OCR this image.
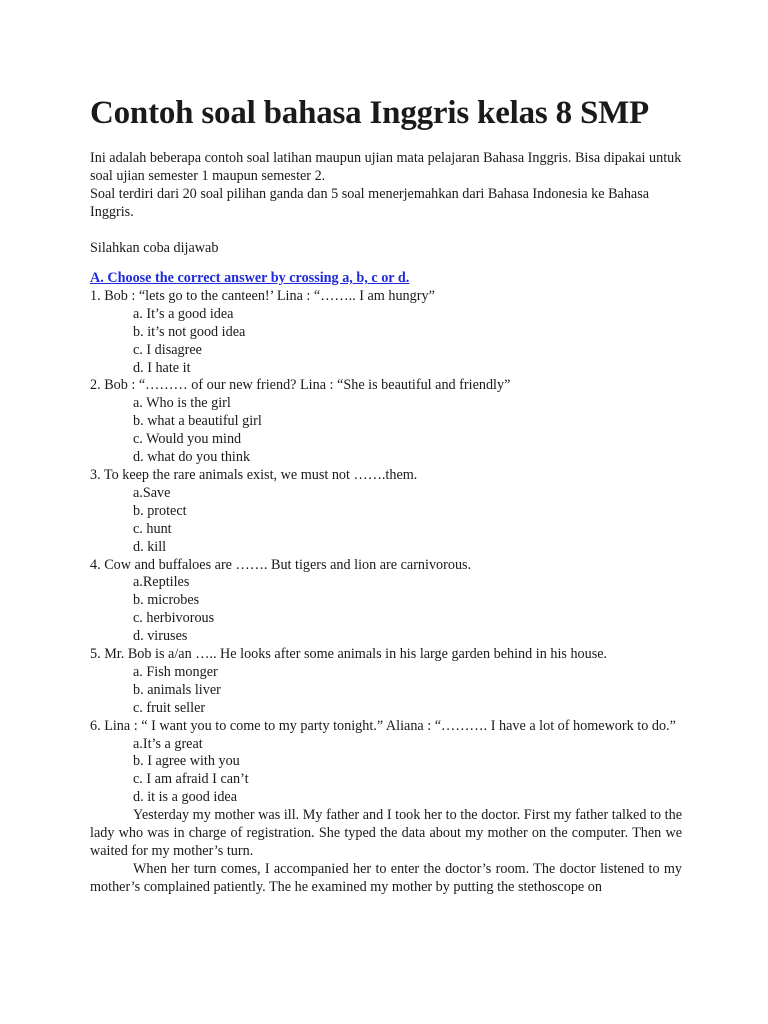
Contoh soal bahasa Inggris kelas 8 SMP

Ini adalah beberapa contoh soal latihan maupun ujian mata pelajaran Bahasa Inggris. Bisa dipakai untuk soal ujian semester 1 maupun semester 2.

Soal terdiri dari 20 soal pilihan ganda dan 5 soal menerjemahkan dari Bahasa Indonesia ke Bahasa Inggris.

Silahkan coba dijawab

A. Choose the correct answer by crossing a, b, c or d.

1. Bob : “lets go to the canteen!’ Lina : “…….. I am hungry”

a. It’s a good idea
b. it’s not good idea
c. I disagree
d. I hate it

2. Bob : “……… of our new friend? Lina : “She is beautiful and friendly”

a. Who is the girl
b. what a beautiful girl
c. Would you mind
d. what do you think

3. To keep the rare animals exist, we must not …….them.

a.Save
b. protect
c. hunt
d. kill

4. Cow and buffaloes are ……. But tigers and lion are carnivorous.

a.Reptiles
b. microbes
c. herbivorous
d. viruses

5. Mr. Bob is a/an ….. He looks after some animals in his large garden behind in his house.

a. Fish monger
b. animals liver
c. fruit seller

6. Lina : “ I want you to come to my party tonight.” Aliana : “………. I have a lot of homework to do.”

a.It’s a great
b. I agree with you
c. I am afraid I can’t
d. it is a good idea

Yesterday my mother was ill. My father and I took her to the doctor. First my father talked to the lady who was in charge of registration. She typed the data about my mother on the computer. Then we waited for my mother’s turn.

When her turn comes, I accompanied her to enter the doctor’s room. The doctor listened to my mother’s complained patiently. The he examined my mother by putting the stethoscope on
